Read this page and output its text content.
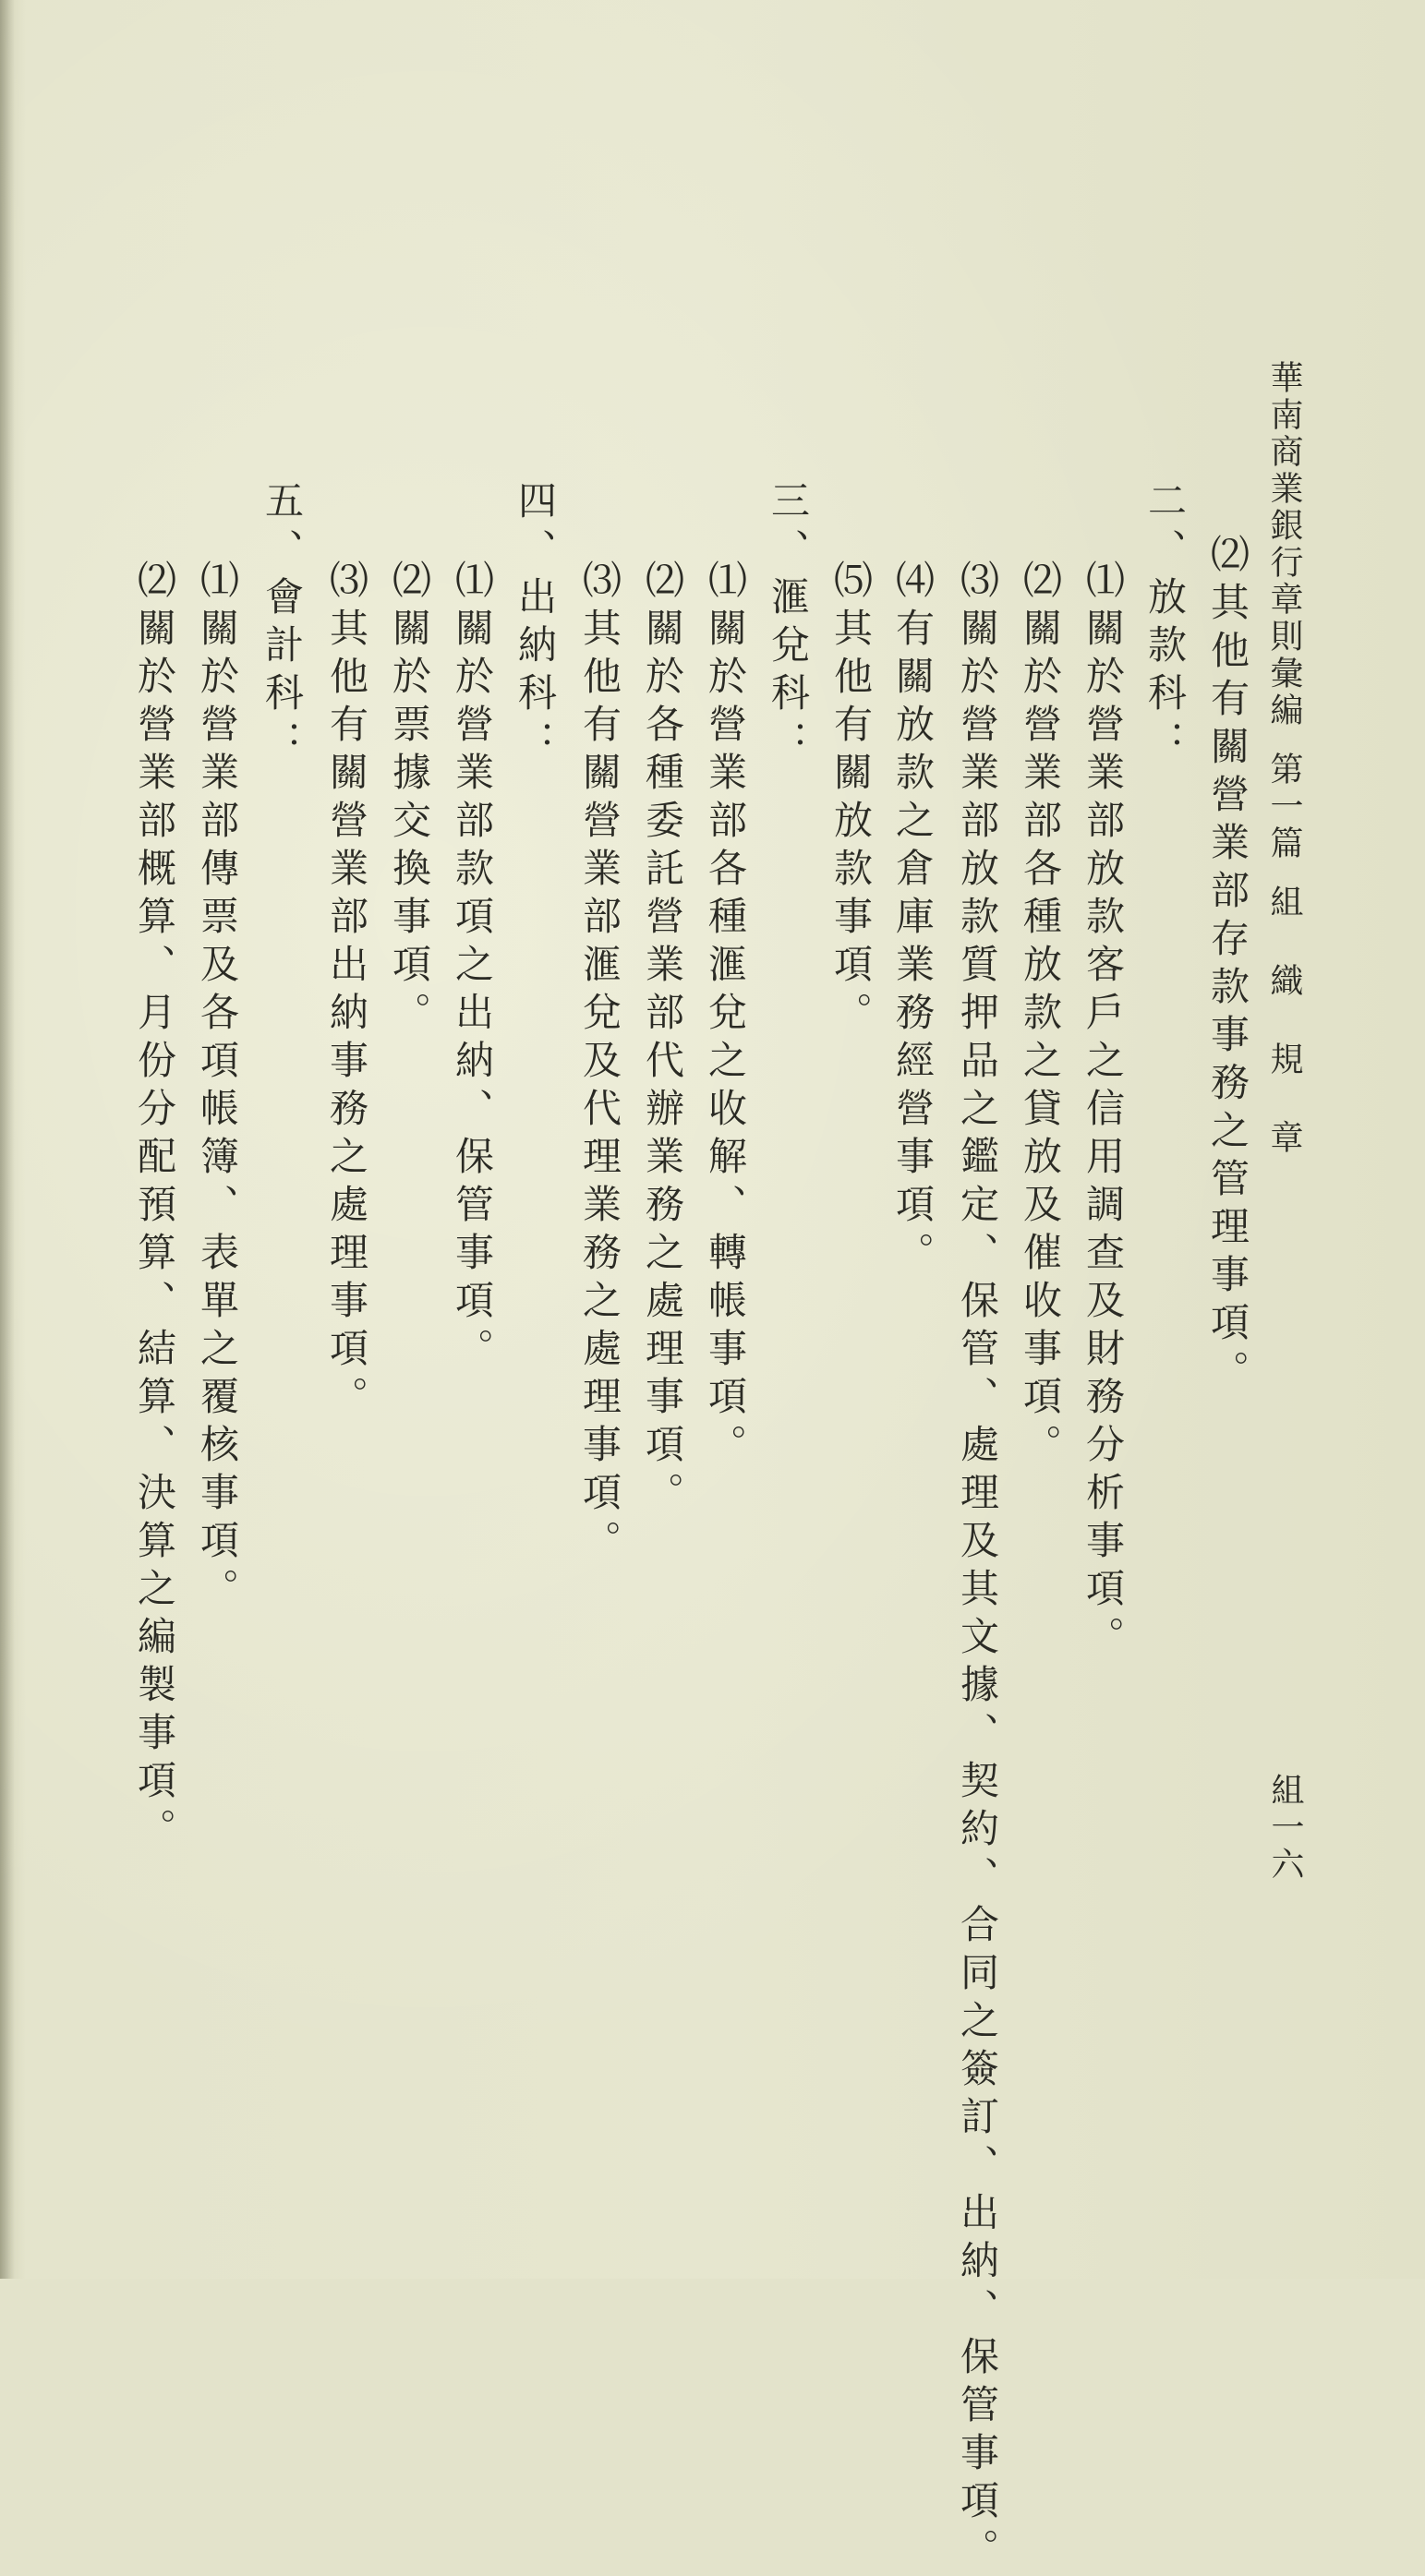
華南商業銀行章則彙編第一篇組 織 規 章
組一六
⑵其他有關營業部存款事務之管理事項。
二、放款科：
⑴關於營業部放款客戶之信用調查及財務分析事項。
⑵關於營業部各種放款之貸放及催收事項。
⑶關於營業部放款質押品之鑑定、保管、處理及其文據、契約、合同之簽訂、出納、保管事項。
⑷有關放款之倉庫業務經營事項。
⑸其他有關放款事項。
三、滙兌科：
⑴關於營業部各種滙兌之收解、轉帳事項。
⑵關於各種委託營業部代辦業務之處理事項。
⑶其他有關營業部滙兌及代理業務之處理事項。
四、出納科：
⑴關於營業部款項之出納、保管事項。
⑵關於票據交換事項。
⑶其他有關營業部出納事務之處理事項。
五、會計科：
⑴關於營業部傳票及各項帳簿、表單之覆核事項。
⑵關於營業部概算、月份分配預算、結算、決算之編製事項。
